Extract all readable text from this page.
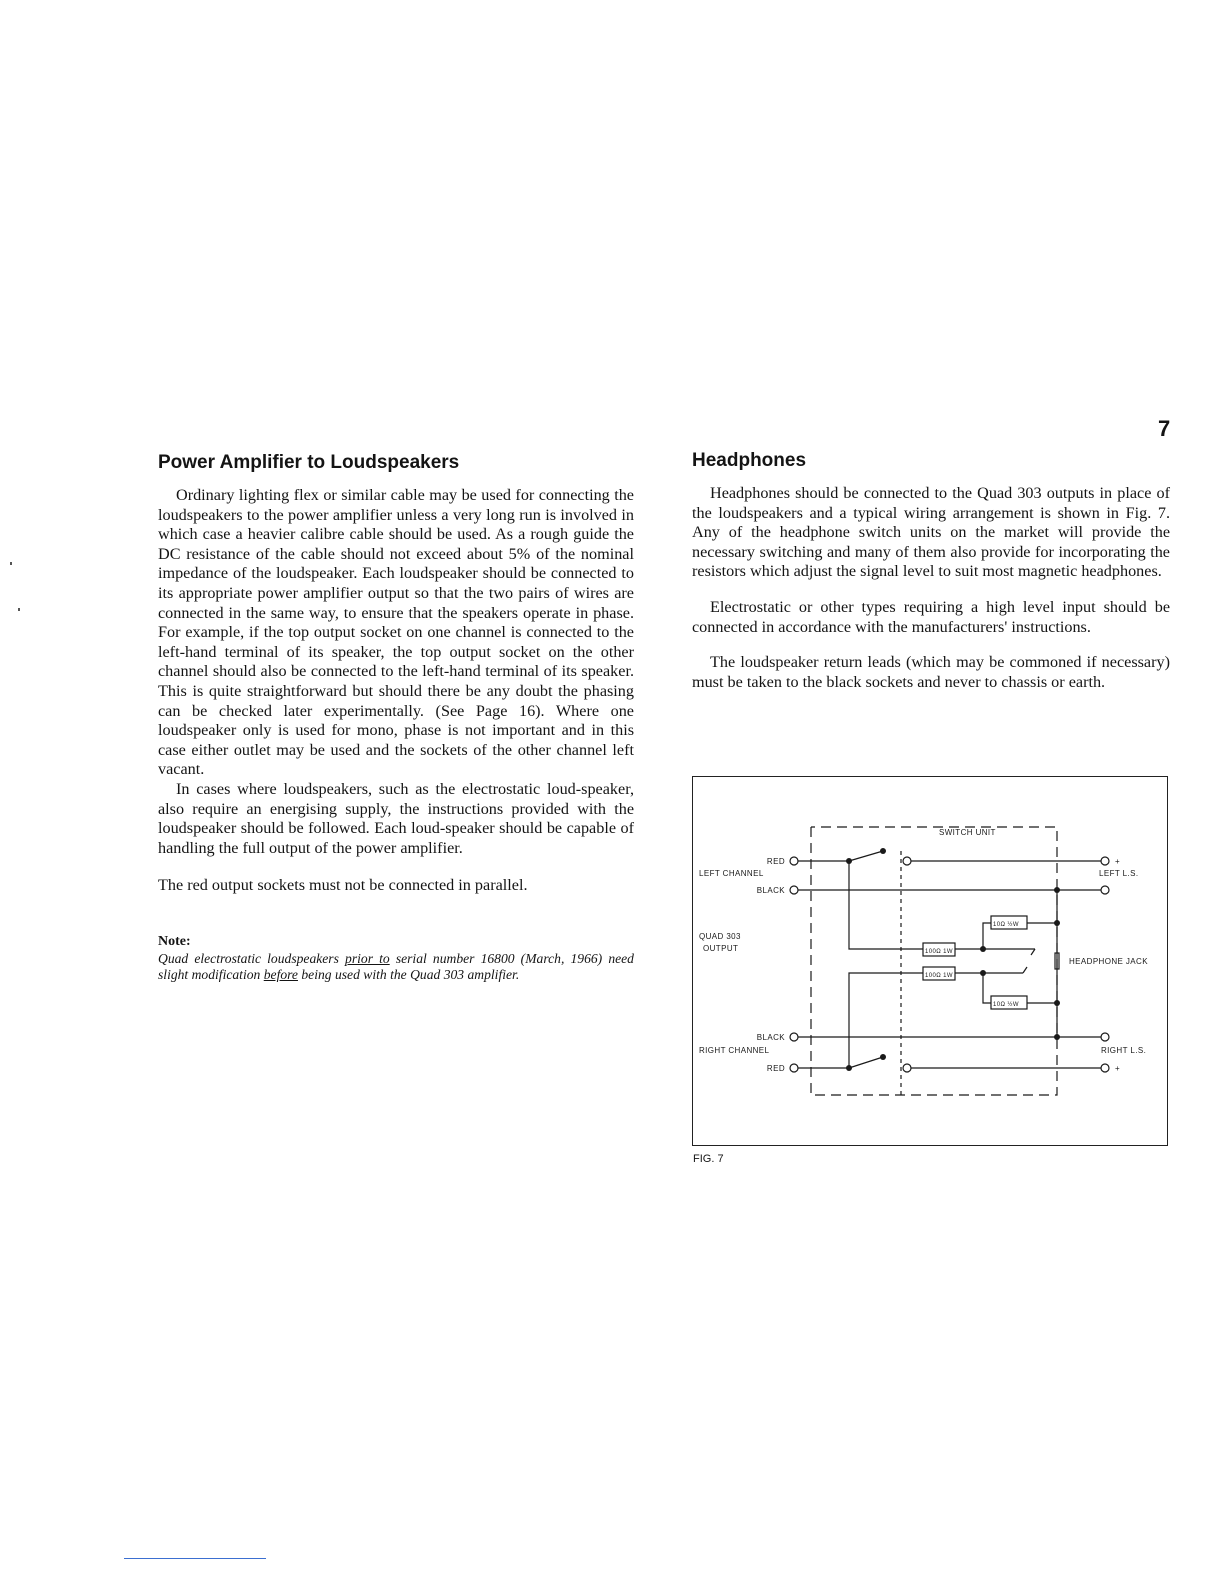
7
Power Amplifier to Loudspeakers

Ordinary lighting flex or similar cable may be used for connecting the loudspeakers to the power amplifier unless a very long run is involved in which case a heavier calibre cable should be used. As a rough guide the DC resistance of the cable should not exceed about 5% of the nominal impedance of the loudspeaker. Each loudspeaker should be connected to its appropriate power amplifier output so that the two pairs of wires are connected in the same way, to ensure that the speakers operate in phase. For example, if the top output socket on one channel is connected to the left-hand terminal of its speaker, the top output socket on the other channel should also be connected to the left-hand terminal of its speaker. This is quite straightforward but should there be any doubt the phasing can be checked later experimentally. (See Page 16). Where one loudspeaker only is used for mono, phase is not important and in this case either outlet may be used and the sockets of the other channel left vacant.

In cases where loudspeakers, such as the electrostatic loud-speaker, also require an energising supply, the instructions provided with the loudspeaker should be followed. Each loud-speaker should be capable of handling the full output of the power amplifier.

The red output sockets must not be connected in parallel.

Note:

Quad electrostatic loudspeakers prior to serial number 16800 (March, 1966) need slight modification before being used with the Quad 303 amplifier.

Headphones

Headphones should be connected to the Quad 303 outputs in place of the loudspeakers and a typical wiring arrangement is shown in Fig. 7. Any of the headphone switch units on the market will provide the necessary switching and many of them also provide for incorporating the resistors which adjust the signal level to suit most magnetic headphones.

Electrostatic or other types requiring a high level input should be connected in accordance with the manufacturers' instructions.

The loudspeaker return leads (which may be commoned if necessary) must be taken to the black sockets and never to chassis or earth.

SWITCH UNIT
RED
LEFT CHANNEL
BLACK
QUAD 303
OUTPUT
BLACK
RIGHT CHANNEL
RED
+
LEFT L.S.
HEADPHONE JACK
RIGHT L.S.
+
10Ω ½W
100Ω 1W
100Ω 1W
10Ω ½W
FIG. 7
